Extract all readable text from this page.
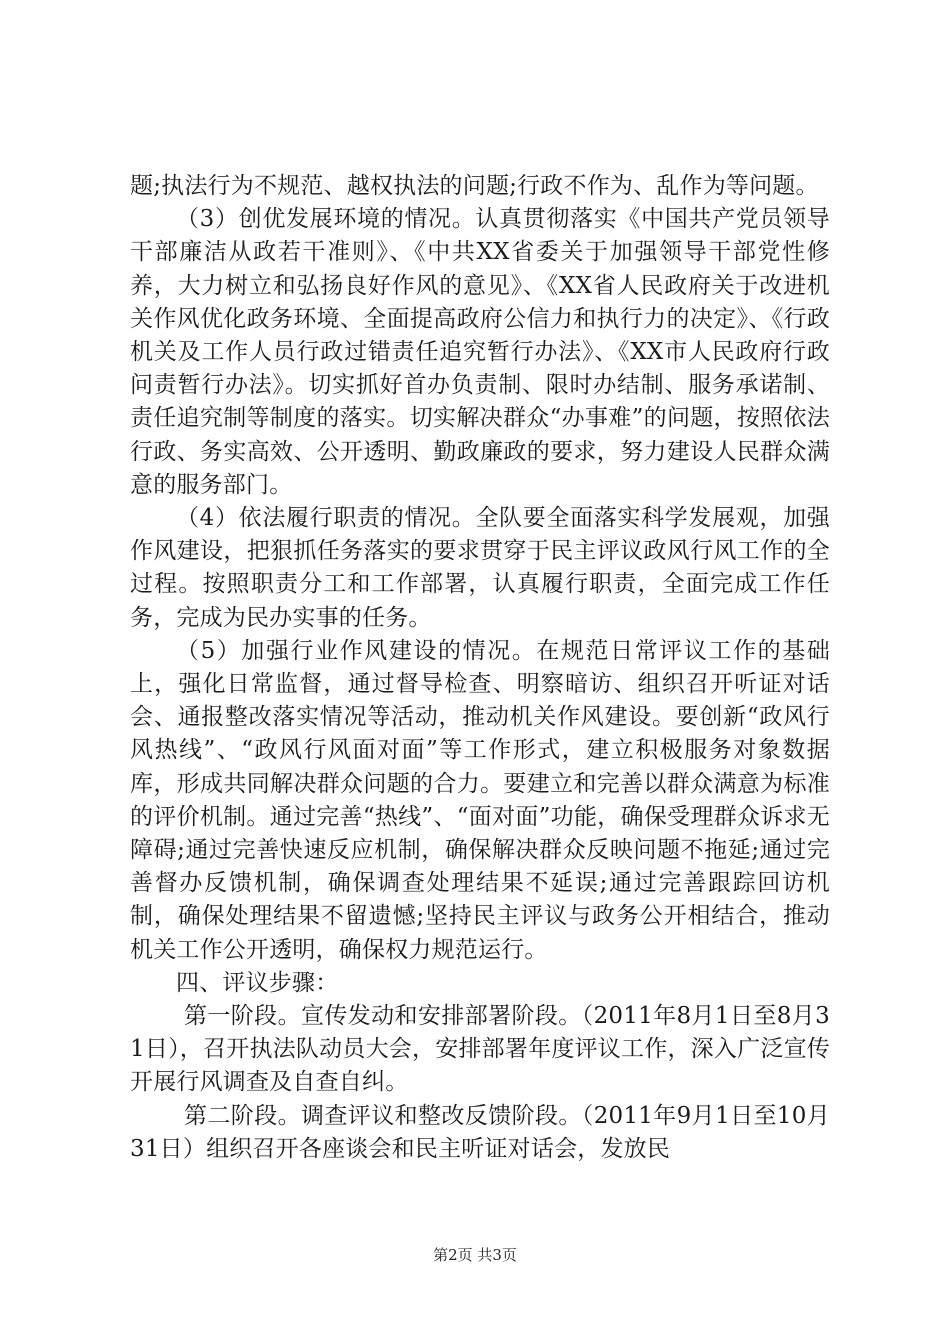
题;执法行为不规范、越权执法的问题;行政不作为、乱作为等问题。

（3）创优发展环境的情况。认真贯彻落实《中国共产党员领导干部廉洁从政若干准则》、《中共XX省委关于加强领导干部党性修养，大力树立和弘扬良好作风的意见》、《XX省人民政府关于改进机关作风优化政务环境、全面提高政府公信力和执行力的决定》、《行政机关及工作人员行政过错责任追究暂行办法》、《XX市人民政府行政问责暂行办法》。切实抓好首办负责制、限时办结制、服务承诺制、责任追究制等制度的落实。切实解决群众“办事难”的问题，按照依法行政、务实高效、公开透明、勤政廉政的要求，努力建设人民群众满意的服务部门。

（4）依法履行职责的情况。全队要全面落实科学发展观，加强作风建设，把狠抓任务落实的要求贯穿于民主评议政风行风工作的全过程。按照职责分工和工作部署，认真履行职责，全面完成工作任务，完成为民办实事的任务。

（5）加强行业作风建设的情况。在规范日常评议工作的基础上，强化日常监督，通过督导检查、明察暗访、组织召开听证对话会、通报整改落实情况等活动，推动机关作风建设。要创新“政风行风热线”、“政风行风面对面”等工作形式，建立积极服务对象数据库，形成共同解决群众问题的合力。要建立和完善以群众满意为标准的评价机制。通过完善“热线”、“面对面”功能，确保受理群众诉求无障碍;通过完善快速反应机制，确保解决群众反映问题不拖延;通过完善督办反馈机制，确保调查处理结果不延误;通过完善跟踪回访机制，确保处理结果不留遗憾;坚持民主评议与政务公开相结合，推动机关工作公开透明，确保权力规范运行。

四、评议步骤：

第一阶段。宣传发动和安排部署阶段。（2011年8月1日至8月31日），召开执法队动员大会，安排部署年度评议工作，深入广泛宣传开展行风调查及自查自纠。

第二阶段。调查评议和整改反馈阶段。（2011年9月1日至10月31日）组织召开各座谈会和民主听证对话会，发放民

第2页 共3页
